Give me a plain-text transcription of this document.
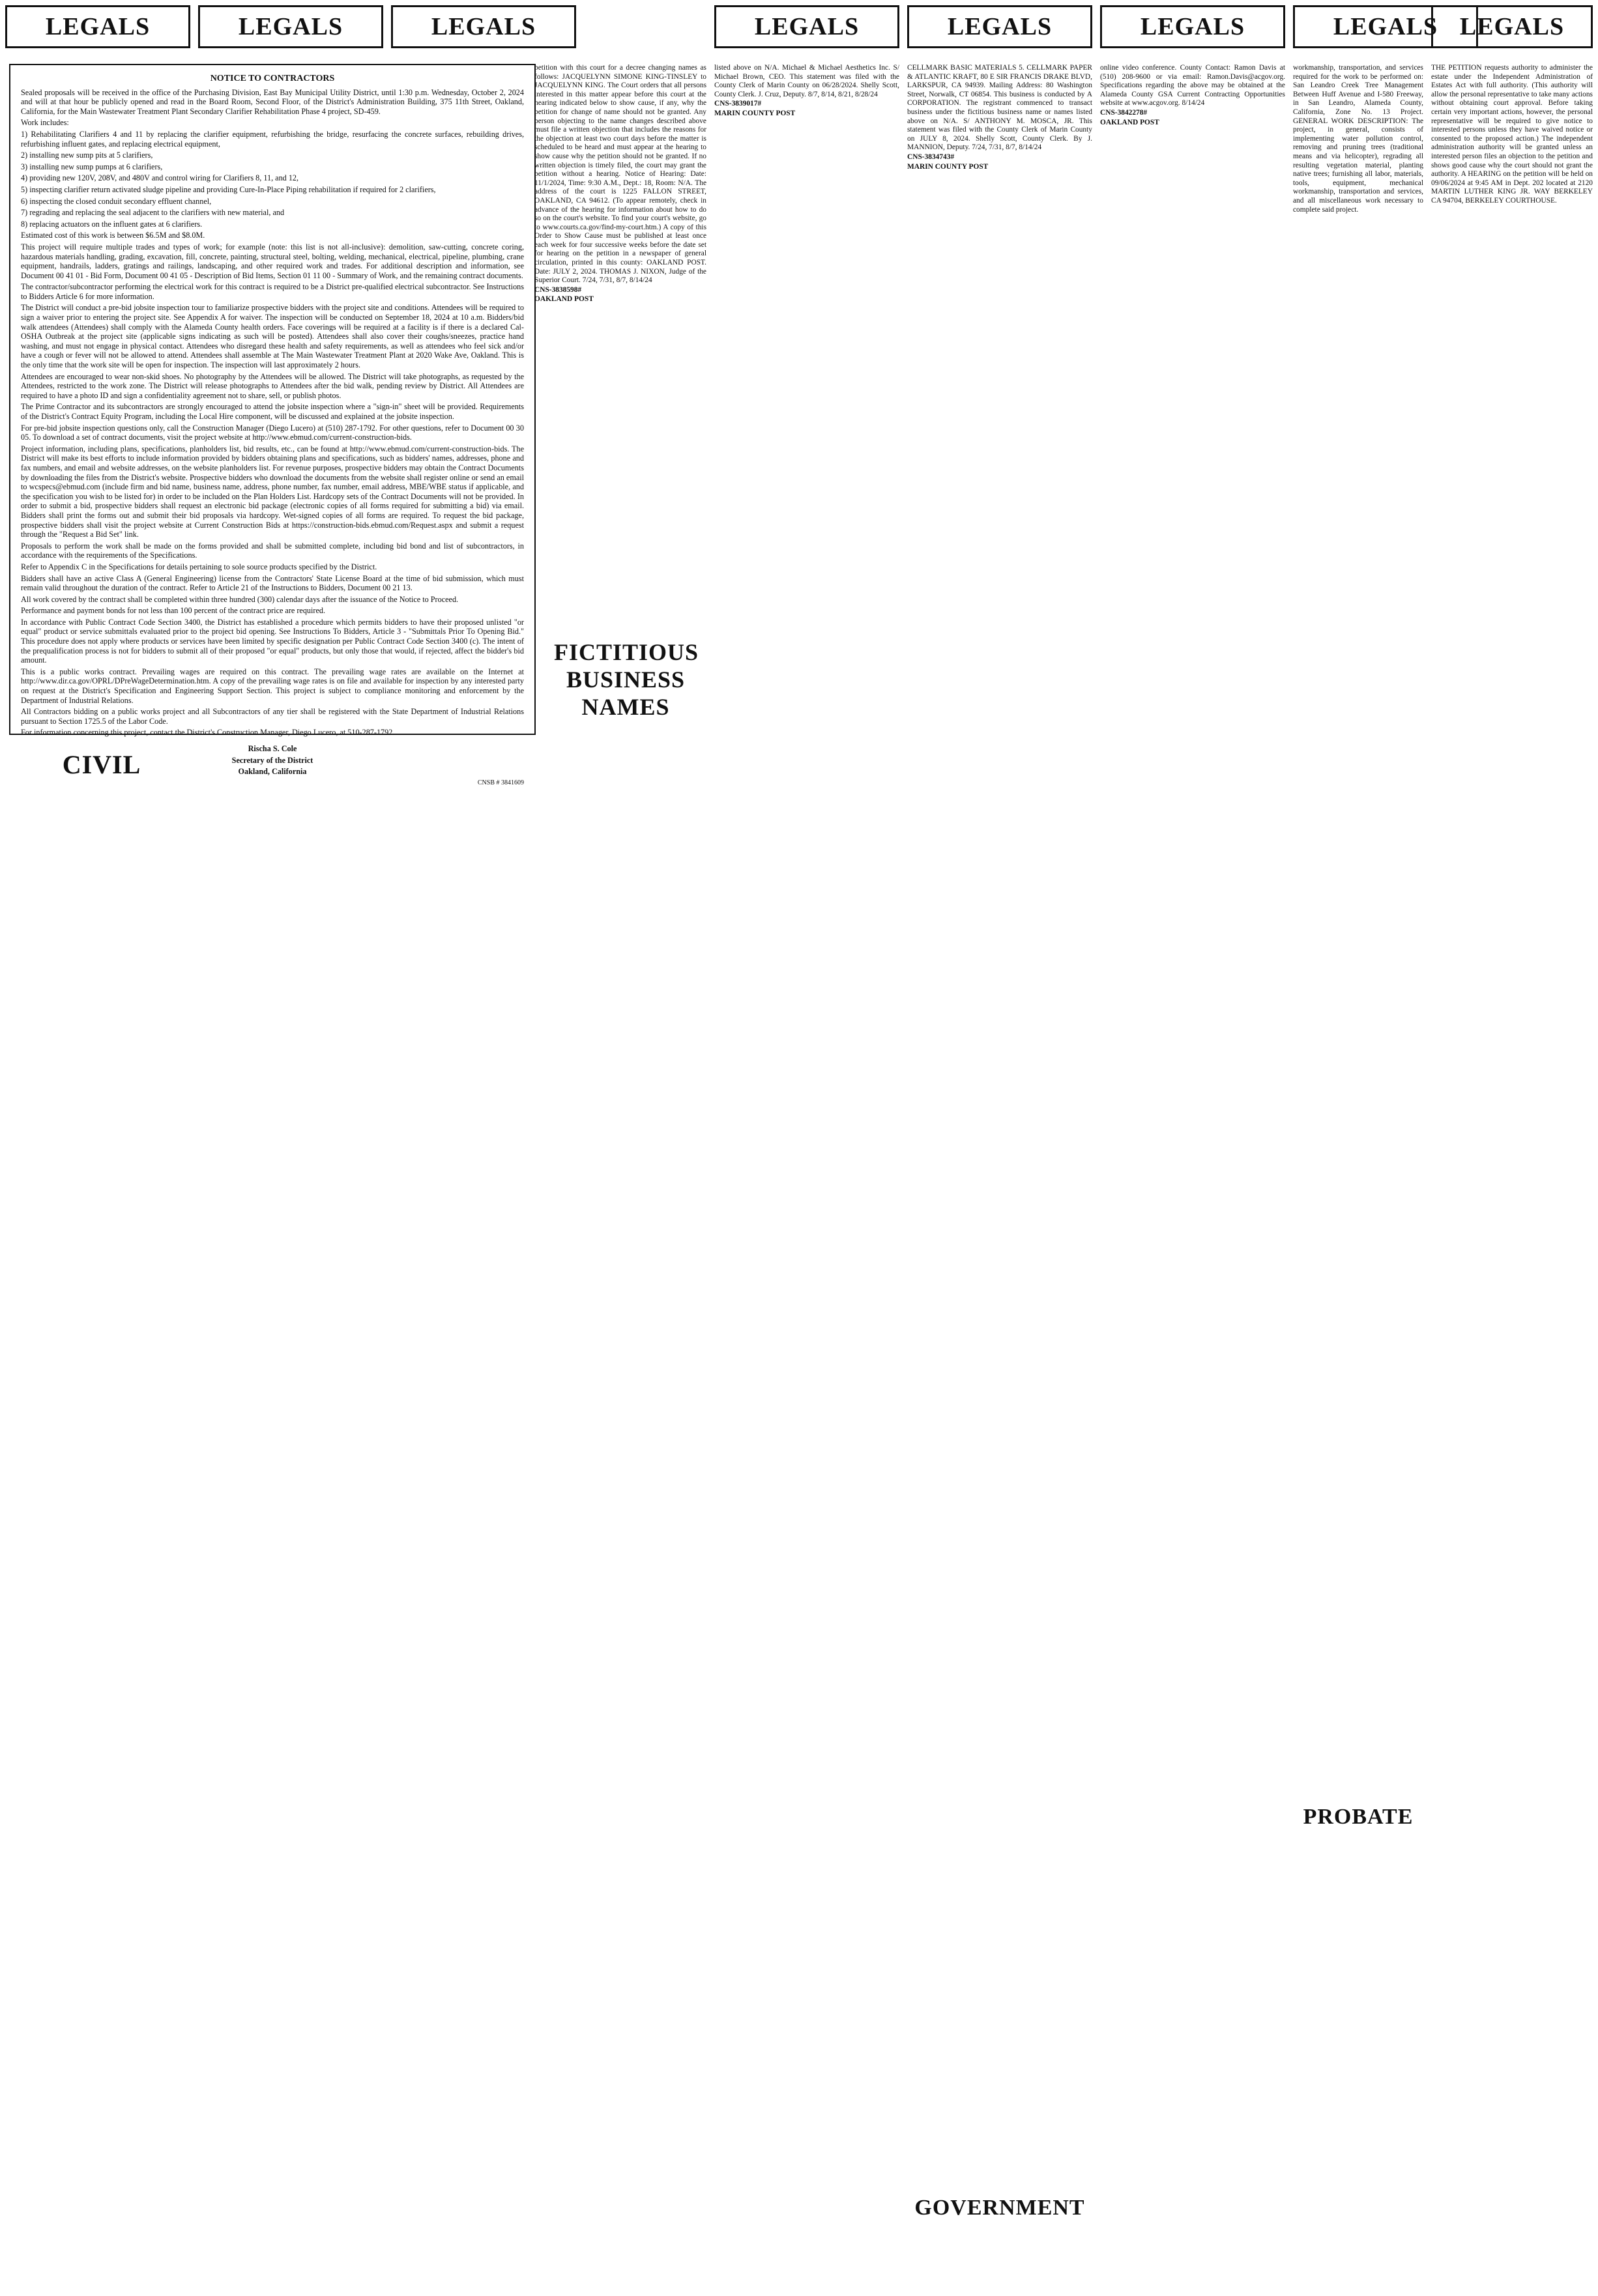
LEGALS	LEGALS	LEGALS	LEGALS	LEGALS	LEGALS	LEGALS LEGALS

NOTICE TO CONTRACTORS

Sealed proposals will be received in the office of the Purchasing Division, East Bay Municipal Utility District, until 1:30 p.m. Wednesday, October 2, 2024 and will at that hour be publicly opened and read in the Board Room, Second Floor, of the District's Administration Building, 375 11th Street, Oakland, California, for the Main Wastewater Treatment Plant Secondary Clarifier Rehabilitation Phase 4 project, SD-459.

Work includes:

1) Rehabilitating Clarifiers 4 and 11 by replacing the clarifier equipment, refurbishing the bridge, resurfacing the concrete surfaces, rebuilding drives, refurbishing influent gates, and replacing electrical equipment,

2) installing new sump pits at 5 clarifiers,

3) installing new sump pumps at 6 clarifiers,

4) providing new 120V, 208V, and 480V and control wiring for Clarifiers 8, 11, and 12,

5) inspecting clarifier return activated sludge pipeline and providing Cure-In-Place Piping rehabilitation if required for 2 clarifiers,

6) inspecting the closed conduit secondary effluent channel,

7) regrading and replacing the seal adjacent to the clarifiers with new material, and

8) replacing actuators on the influent gates at 6 clarifiers.

Estimated cost of this work is between $6.5M and $8.0M.

This project will require multiple trades and types of work; for example (note: this list is not all-inclusive): demolition, saw-cutting, concrete coring, hazardous materials handling, grading, excavation, fill, concrete, painting, structural steel, bolting, welding, mechanical, electrical, pipeline, plumbing, crane equipment, handrails, ladders, gratings and railings, landscaping, and other required work and trades. For additional description and information, see Document 00 41 01 - Bid Form, Document 00 41 05 - Description of Bid Items, Section 01 11 00 - Summary of Work, and the remaining contract documents.

The contractor/subcontractor performing the electrical work for this contract is required to be a District pre-qualified electrical subcontractor. See Instructions to Bidders Article 6 for more information.

The District will conduct a pre-bid jobsite inspection tour to familiarize prospective bidders with the project site and conditions. Attendees will be required to sign a waiver prior to entering the project site. See Appendix A for waiver. The inspection will be conducted on September 18, 2024 at 10 a.m. Bidders/bid walk attendees (Attendees) shall comply with the Alameda County health orders. Face coverings will be required at a facility is if there is a declared Cal-OSHA Outbreak at the project site (applicable signs indicating as such will be posted). Attendees shall also cover their coughs/sneezes, practice hand washing, and must not engage in physical contact. Attendees who disregard these health and safety requirements, as well as attendees who feel sick and/or have a cough or fever will not be allowed to attend. Attendees shall assemble at The Main Wastewater Treatment Plant at 2020 Wake Ave, Oakland. This is the only time that the work site will be open for inspection. The inspection will last approximately 2 hours.

Attendees are encouraged to wear non-skid shoes. No photography by the Attendees will be allowed. The District will take photographs, as requested by the Attendees, restricted to the work zone. The District will release photographs to Attendees after the bid walk, pending review by District. All Attendees are required to have a photo ID and sign a confidentiality agreement not to share, sell, or publish photos.

The Prime Contractor and its subcontractors are strongly encouraged to attend the jobsite inspection where a "sign-in" sheet will be provided. Requirements of the District's Contract Equity Program, including the Local Hire component, will be discussed and explained at the jobsite inspection.

For pre-bid jobsite inspection questions only, call the Construction Manager (Diego Lucero) at (510) 287-1792. For other questions, refer to Document 00 30 05. To download a set of contract documents, visit the project website at http://www.ebmud.com/current-construction-bids.

Project information, including plans, specifications, planholders list, bid results, etc., can be found at http://www.ebmud.com/current-construction-bids. The District will make its best efforts to include information provided by bidders obtaining plans and specifications, such as bidders' names, addresses, phone and fax numbers, and email and website addresses, on the website planholders list. For revenue purposes, prospective bidders may obtain the Contract Documents by downloading the files from the District's website. Prospective bidders who download the documents from the website shall register online or send an email to wcspecs@ebmud.com (include firm and bid name, business name, address, phone number, fax number, email address, MBE/WBE status if applicable, and the specification you wish to be listed for) in order to be included on the Plan Holders List. Hardcopy sets of the Contract Documents will not be provided. In order to submit a bid, prospective bidders shall request an electronic bid package (electronic copies of all forms required for submitting a bid) via email. Bidders shall print the forms out and submit their bid proposals via hardcopy. Wet-signed copies of all forms are required. To request the bid package, prospective bidders shall visit the project website at Current Construction Bids at https://construction-bids.ebmud.com/Request.aspx and submit a request through the "Request a Bid Set" link.

Proposals to perform the work shall be made on the forms provided and shall be submitted complete, including bid bond and list of subcontractors, in accordance with the requirements of the Specifications.

Refer to Appendix C in the Specifications for details pertaining to sole source products specified by the District.

Bidders shall have an active Class A (General Engineering) license from the Contractors' State License Board at the time of bid submission, which must remain valid throughout the duration of the contract. Refer to Article 21 of the Instructions to Bidders, Document 00 21 13.

All work covered by the contract shall be completed within three hundred (300) calendar days after the issuance of the Notice to Proceed.

Performance and payment bonds for not less than 100 percent of the contract price are required.

In accordance with Public Contract Code Section 3400, the District has established a procedure which permits bidders to have their proposed unlisted "or equal" product or service submittals evaluated prior to the project bid opening. See Instructions To Bidders, Article 3 - "Submittals Prior To Opening Bid." This procedure does not apply where products or services have been limited by specific designation per Public Contract Code Section 3400 (c). The intent of the prequalification process is not for bidders to submit all of their proposed "or equal" products, but only those that would, if rejected, affect the bidder's bid amount.

This is a public works contract. Prevailing wages are required on this contract. The prevailing wage rates are available on the Internet at http://www.dir.ca.gov/OPRL/DPreWageDetermination.htm. A copy of the prevailing wage rates is on file and available for inspection by any interested party on request at the District's Specification and Engineering Support Section. This project is subject to compliance monitoring and enforcement by the Department of Industrial Relations.

All Contractors bidding on a public works project and all Subcontractors of any tier shall be registered with the State Department of Industrial Relations pursuant to Section 1725.5 of the Labor Code.

For information concerning this project, contact the District's Construction Manager, Diego Lucero, at 510-287-1792.

Rischa S. Cole

Secretary of the District

Oakland, California

CNSB # 3841609

CIVIL

petition with this court for a decree changing names as follows: JACQUELYNN SIMONE KING-TINSLEY to JACQUELYNN KING. The Court orders that all persons interested in this matter appear before this court at the hearing indicated below to show cause, if any, why the petition for change of name should not be granted. Any person objecting to the name changes described above must file a written objection that includes the reasons for the objection at least two court days before the matter is scheduled to be heard and must appear at the hearing to show cause why the petition should not be granted. If no written objection is timely filed, the court may grant the petition without a hearing. Notice of Hearing: Date: 11/1/2024, Time: 9:30 A.M., Dept.: 18, Room: N/A. The address of the court is 1225 FALLON STREET, OAKLAND, CA 94612. (To appear remotely, check in advance of the hearing for information about how to do so on the court's website. To find your court's website, go to www.courts.ca.gov/find-my-court.htm.) A copy of this Order to Show Cause must be published at least once each week for four successive weeks before the date set for hearing on the petition in a newspaper of general circulation, printed in this county: OAKLAND POST. Date: JULY 2, 2024. THOMAS J. NIXON, Judge of the Superior Court. 7/24, 7/31, 8/7, 8/14/24

CNS-3838598#

OAKLAND POST

FICTITIOUS BUSINESS NAMES

listed above on N/A. Michael & Michael Aesthetics Inc. S/ Michael Brown, CEO. This statement was filed with the County Clerk of Marin County on 06/28/2024. Shelly Scott, County Clerk. J. Cruz, Deputy. 8/7, 8/14, 8/21, 8/28/24

CNS-3839017#

MARIN COUNTY POST

CELLMARK BASIC MATERIALS 5. CELLMARK PAPER & ATLANTIC KRAFT, 80 E SIR FRANCIS DRAKE BLVD, LARKSPUR, CA 94939. Mailing Address: 80 Washington Street, Norwalk, CT 06854. This business is conducted by A CORPORATION. The registrant commenced to transact business under the fictitious business name or names listed above on N/A. S/ ANTHONY M. MOSCA, JR. This statement was filed with the County Clerk of Marin County on JULY 8, 2024. Shelly Scott, County Clerk. By J. MANNION, Deputy. 7/24, 7/31, 8/7, 8/14/24

CNS-3834743#

MARIN COUNTY POST

GOVERNMENT

online video conference. County Contact: Ramon Davis at (510) 208-9600 or via email: Ramon.Davis@acgov.org. Specifications regarding the above may be obtained at the Alameda County GSA Current Contracting Opportunities website at www.acgov.org. 8/14/24

CNS-3842278#

OAKLAND POST

workmanship, transportation, and services required for the work to be performed on: San Leandro Creek Tree Management Between Huff Avenue and I-580 Freeway, in San Leandro, Alameda County, California, Zone No. 13 Project. GENERAL WORK DESCRIPTION: The project, in general, consists of implementing water pollution control, removing and pruning trees (traditional means and via helicopter), regrading all resulting vegetation material, planting native trees; furnishing all labor, materials, tools, equipment, mechanical workmanship, transportation and services, and all miscellaneous work necessary to complete said project.

PROBATE

THE PETITION requests authority to administer the estate under the Independent Administration of Estates Act with full authority. (This authority will allow the personal representative to take many actions without obtaining court approval. Before taking certain very important actions, however, the personal representative will be required to give notice to interested persons unless they have waived notice or consented to the proposed action.) The independent administration authority will be granted unless an interested person files an objection to the petition and shows good cause why the court should not grant the authority. A HEARING on the petition will be held on 09/06/2024 at 9:45 AM in Dept. 202 located at 2120 MARTIN LUTHER KING JR. WAY BERKELEY CA 94704, BERKELEY COURTHOUSE.
